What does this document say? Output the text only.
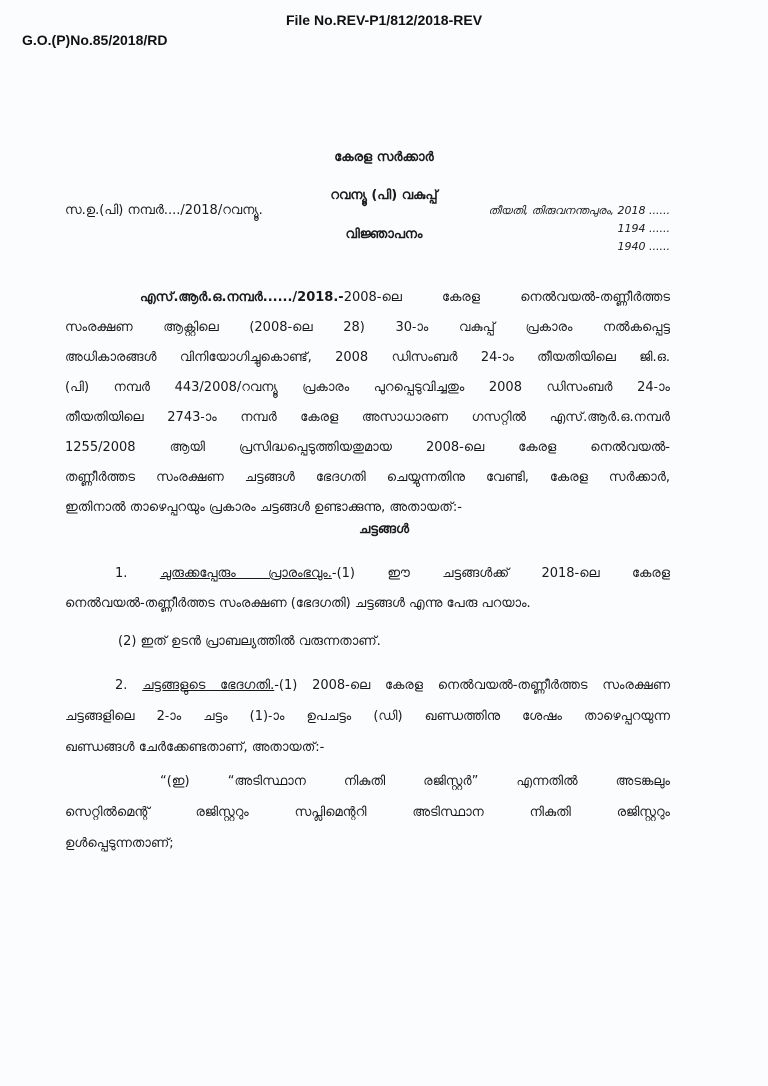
File No.REV-P1/812/2018-REV
G.O.(P)No.85/2018/RD
കേരള സർക്കാർ
റവന്യൂ (പി) വകുപ്പ്
വിജ്ഞാപനം
സ.ഉ.(പി) നമ്പർ..../2018/റവന്യൂ.	തീയതി, തിരുവനന്തപുരം, 2018 ......
1194 ......
1940 ......
എസ്.ആർ.ഒ.നമ്പർ....../2018.-2008-ലെ കേരള നെൽവയൽ-തണ്ണീർത്തട
സംരക്ഷണ ആക്റ്റിലെ (2008-ലെ 28) 30-ാം വകുപ്പ് പ്രകാരം നൽകപ്പെട്ട
അധികാരങ്ങൾ വിനിയോഗിച്ചുകൊണ്ട്, 2008 ഡിസംബർ 24-ാം തീയതിയിലെ ജി.ഒ.
(പി) നമ്പർ 443/2008/റവന്യൂ പ്രകാരം പുറപ്പെടുവിച്ചതും 2008 ഡിസംബർ 24-ാം
തീയതിയിലെ 2743-ാം നമ്പർ കേരള അസാധാരണ ഗസറ്റിൽ എസ്.ആർ.ഒ.നമ്പർ
1255/2008 ആയി പ്രസിദ്ധപ്പെടുത്തിയതുമായ 2008-ലെ കേരള നെൽവയൽ-
തണ്ണീർത്തട സംരക്ഷണ ചട്ടങ്ങൾ ഭേദഗതി ചെയ്യുന്നതിനു വേണ്ടി, കേരള സർക്കാർ,
ഇതിനാൽ താഴെപ്പറയും പ്രകാരം ചട്ടങ്ങൾ ഉണ്ടാക്കുന്നു, അതായത്:-
ചട്ടങ്ങൾ
1. ചുരുക്കപ്പേരും പ്രാരംഭവും.-(1) ഈ ചട്ടങ്ങൾക്ക് 2018-ലെ കേരള
നെൽവയൽ-തണ്ണീർത്തട സംരക്ഷണ (ഭേദഗതി) ചട്ടങ്ങൾ എന്നു പേരു പറയാം.
(2) ഇത് ഉടൻ പ്രാബല്യത്തിൽ വരുന്നതാണ്.
2. ചട്ടങ്ങളുടെ ഭേദഗതി.-(1) 2008-ലെ കേരള നെൽവയൽ-തണ്ണീർത്തട സംരക്ഷണ
ചട്ടങ്ങളിലെ 2-ാം ചട്ടം (1)-ാം ഉപചട്ടം (ഡി) ഖണ്ഡത്തിനു ശേഷം താഴെപ്പറയുന്ന
ഖണ്ഡങ്ങൾ ചേർക്കേണ്ടതാണ്, അതായത്:-
“(ഇ) “അടിസ്ഥാന നികുതി രജിസ്റ്റർ” എന്നതിൽ അടങ്കലും
സെറ്റിൽമെന്റ് രജിസ്റ്ററും സപ്ലിമെന്ററി അടിസ്ഥാന നികുതി രജിസ്റ്ററും
ഉൾപ്പെടുന്നതാണ്;
